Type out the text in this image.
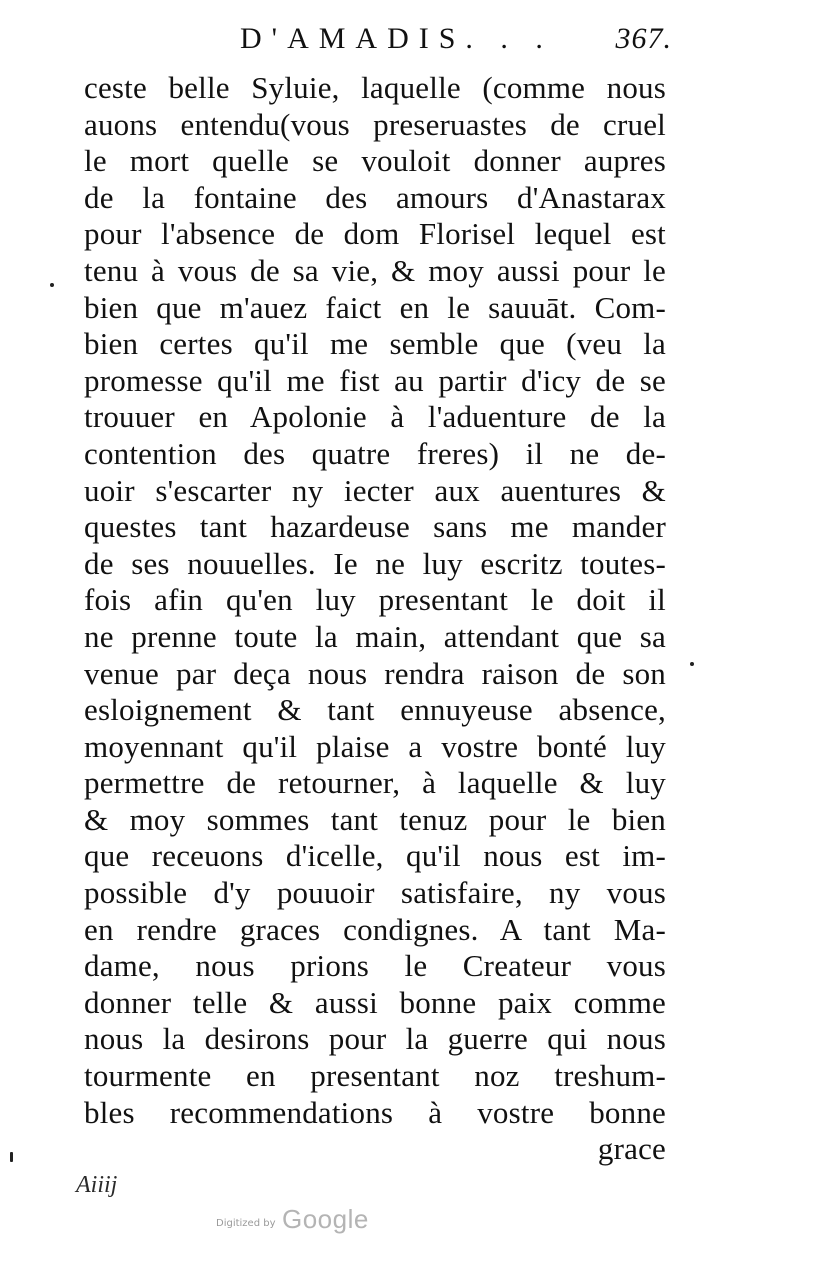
D'AMADIS. . . 367.
ceste belle Syluie, laquelle (comme nous
auons entendu(vous preseruastes de cruel
le mort quelle se vouloit donner aupres
de la fontaine des amours d'Anastarax
pour l'absence de dom Florisel lequel est
tenu à vous de sa vie, & moy aussi pour le
bien que m'auez faict en le sauuāt. Com-
bien certes qu'il me semble que (veu la
promesse qu'il me fist au partir d'icy de se
trouuer en Apolonie à l'aduenture de la
contention des quatre freres) il ne de-
uoir s'escarter ny iecter aux auentures &
questes tant hazardeuse sans me mander
de ses nouuelles. Ie ne luy escritz toutes-
fois afin qu'en luy presentant le doit il
ne prenne toute la main, attendant que sa
venue par deça nous rendra raison de son
esloignement & tant ennuyeuse absence,
moyennant qu'il plaise a vostre bonté luy
permettre de retourner, à laquelle & luy
& moy sommes tant tenuz pour le bien
que receuons d'icelle, qu'il nous est im-
possible d'y pouuoir satisfaire, ny vous
en rendre graces condignes. A tant Ma-
dame, nous prions le Createur vous
donner telle & aussi bonne paix comme
nous la desirons pour la guerre qui nous
tourmente en presentant noz treshum-
bles recommendations à vostre bonne
grace
Aiiij
Digitized by Google
